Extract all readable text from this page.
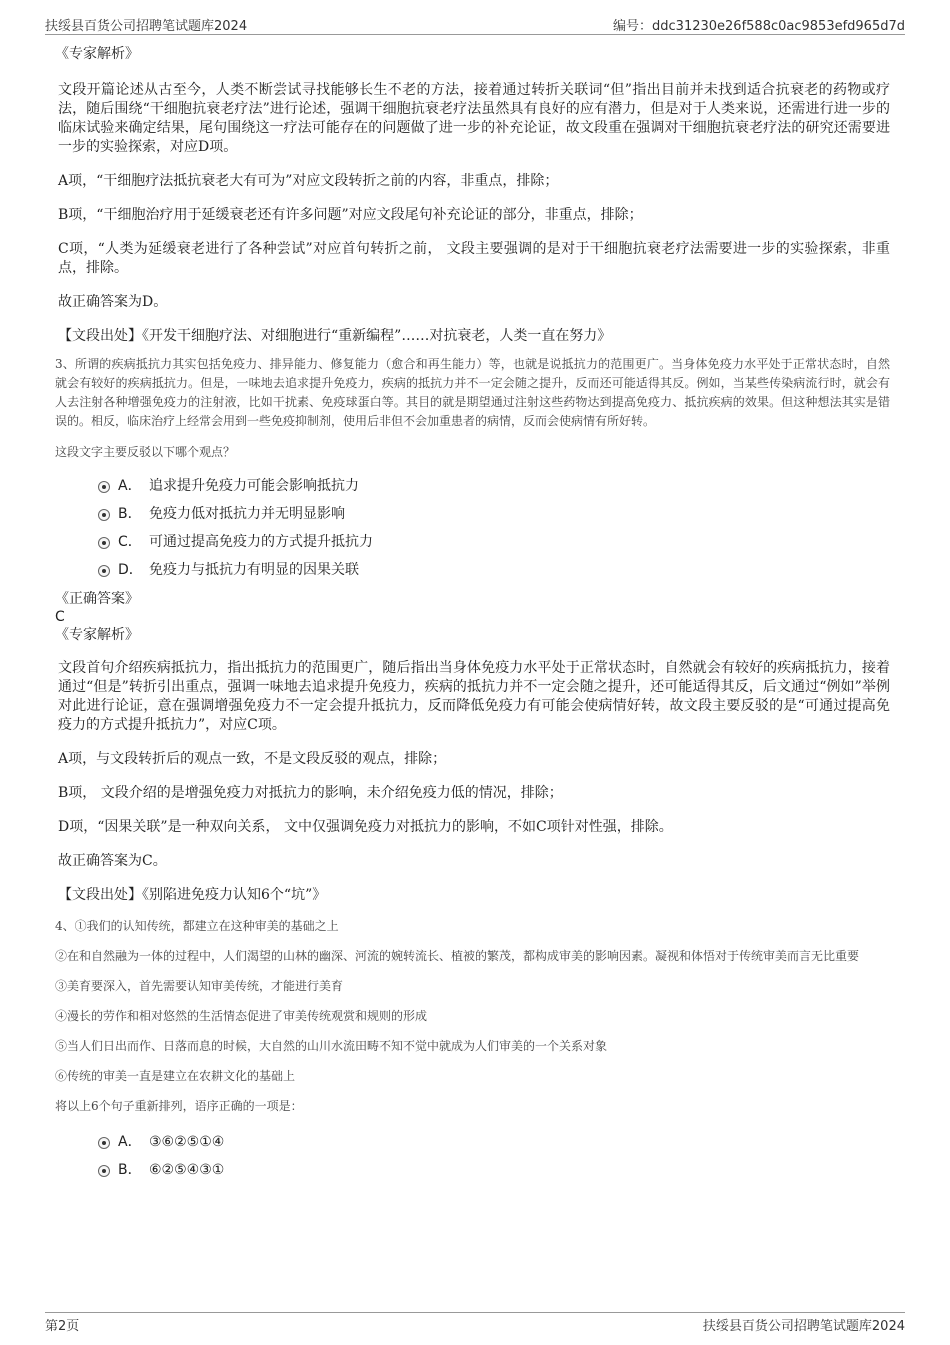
扶绥县百货公司招聘笔试题库2024	编号：ddc31230e26f588c0ac9853efd965d7d

《专家解析》

文段开篇论述从古至今，人类不断尝试寻找能够长生不老的方法，接着通过转折关联词“但”指出目前并未找到适合抗衰老的药物或疗法，随后围绕“干细胞抗衰老疗法”进行论述，强调干细胞抗衰老疗法虽然具有良好的应有潜力，但是对于人类来说，还需进行进一步的临床试验来确定结果，尾句围绕这一疗法可能存在的问题做了进一步的补充论证，故文段重在强调对干细胞抗衰老疗法的研究还需要进一步的实验探索，对应D项。

A项，“干细胞疗法抵抗衰老大有可为”对应文段转折之前的内容，非重点，排除；

B项，“干细胞治疗用于延缓衰老还有许多问题”对应文段尾句补充论证的部分，非重点，排除；

C项，“人类为延缓衰老进行了各种尝试”对应首句转折之前， 文段主要强调的是对于干细胞抗衰老疗法需要进一步的实验探索，非重点，排除。

故正确答案为D。

【文段出处】《开发干细胞疗法、对细胞进行“重新编程”……对抗衰老，人类一直在努力》

3、所谓的疾病抵抗力其实包括免疫力、排异能力、修复能力（愈合和再生能力）等，也就是说抵抗力的范围更广。当身体免疫力水平处于正常状态时，自然就会有较好的疾病抵抗力。但是，一味地去追求提升免疫力，疾病的抵抗力并不一定会随之提升，反而还可能适得其反。例如，当某些传染病流行时，就会有人去注射各种增强免疫力的注射液，比如干扰素、免疫球蛋白等。其目的就是期望通过注射这些药物达到提高免疫力、抵抗疾病的效果。但这种想法其实是错误的。相反，临床治疗上经常会用到一些免疫抑制剂，使用后非但不会加重患者的病情，反而会使病情有所好转。

这段文字主要反驳以下哪个观点？

A． 追求提升免疫力可能会影响抵抗力
B． 免疫力低对抵抗力并无明显影响
C． 可通过提高免疫力的方式提升抵抗力
D． 免疫力与抵抗力有明显的因果关联

《正确答案》

C

《专家解析》

文段首句介绍疾病抵抗力，指出抵抗力的范围更广，随后指出当身体免疫力水平处于正常状态时，自然就会有较好的疾病抵抗力，接着通过“但是”转折引出重点，强调一味地去追求提升免疫力，疾病的抵抗力并不一定会随之提升，还可能适得其反，后文通过“例如”举例对此进行论证，意在强调增强免疫力不一定会提升抵抗力，反而降低免疫力有可能会使病情好转，故文段主要反驳的是“可通过提高免疫力的方式提升抵抗力”，对应C项。

A项，与文段转折后的观点一致，不是文段反驳的观点，排除；

B项， 文段介绍的是增强免疫力对抵抗力的影响，未介绍免疫力低的情况，排除；

D项，“因果关联”是一种双向关系， 文中仅强调免疫力对抵抗力的影响，不如C项针对性强，排除。

故正确答案为C。

【文段出处】《别陷进免疫力认知6个“坑”》

4、①我们的认知传统，都建立在这种审美的基础之上

②在和自然融为一体的过程中，人们渴望的山林的幽深、河流的婉转流长、植被的繁茂，都构成审美的影响因素。凝视和体悟对于传统审美而言无比重要

③美育要深入，首先需要认知审美传统，才能进行美育

④漫长的劳作和相对悠然的生活情态促进了审美传统观赏和规则的形成

⑤当人们日出而作、日落而息的时候，大自然的山川水流田畴不知不觉中就成为人们审美的一个关系对象

⑥传统的审美一直是建立在农耕文化的基础上

将以上6个句子重新排列，语序正确的一项是：

A． ③⑥②⑤①④
B． ⑥②⑤④③①
第2页	扶绥县百货公司招聘笔试题库2024
